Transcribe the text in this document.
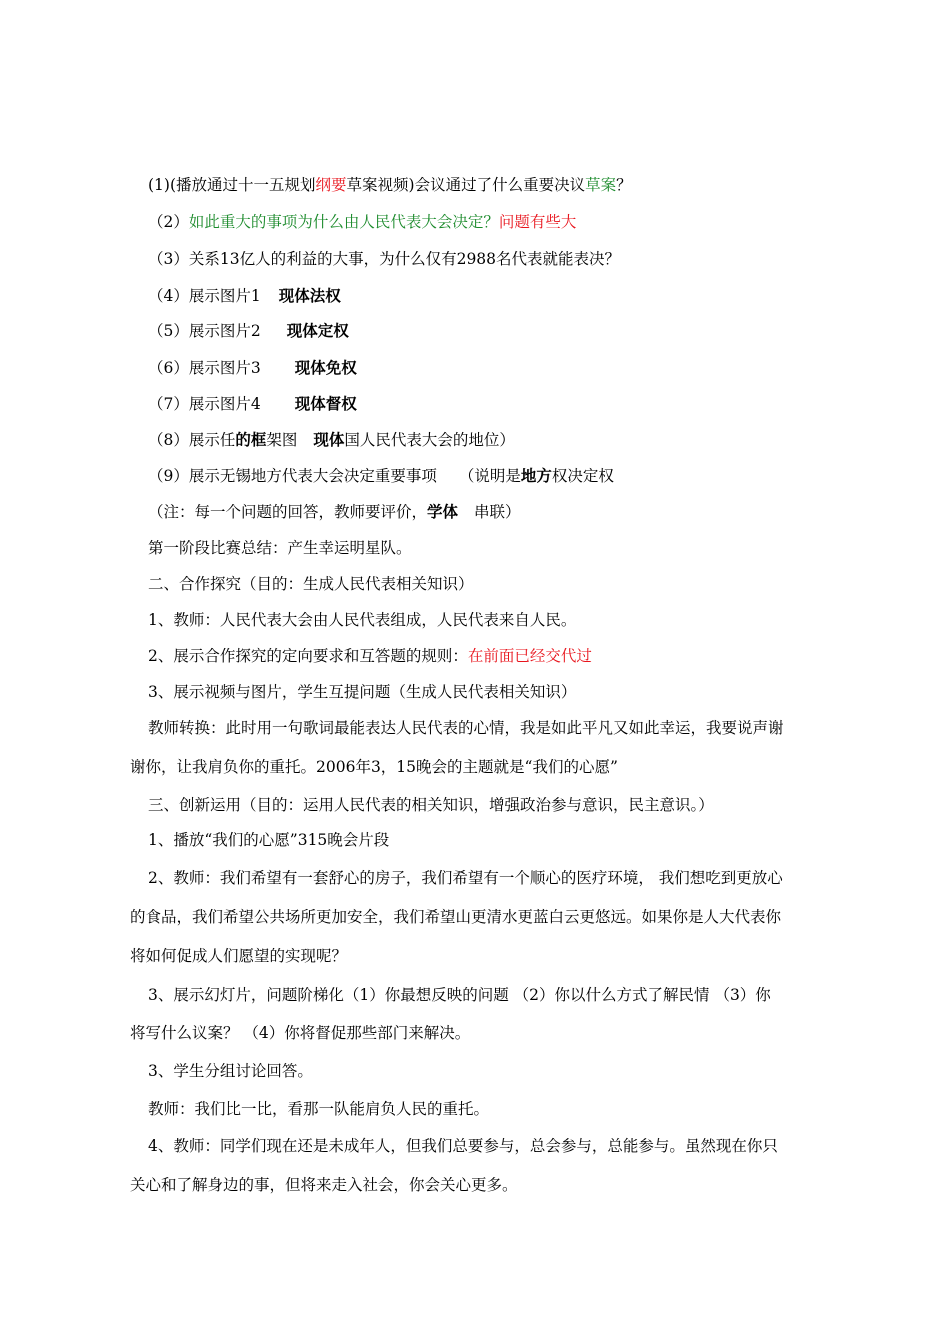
(1)(播放通过十一五规划纲要草案视频)会议通过了什么重要决议草案？
（2）如此重大的事项为什么由人民代表大会决定？问题有些大
（3）关系13亿人的利益的大事，为什么仅有2988名代表就能表决？
（4）展示图片1 现体法权
（5）展示图片2 现体定权
（6）展示图片3 现体免权
（7）展示图片4 现体督权
（8）展示任的框架图 现体国人民代表大会的地位）
（9）展示无锡地方代表大会决定重要事项 （说明是地方权决定权
（注：每一个问题的回答，教师要评价，学体 串联）
第一阶段比赛总结：产生幸运明星队。
二、合作探究（目的：生成人民代表相关知识）
1、教师：人民代表大会由人民代表组成，人民代表来自人民。
2、展示合作探究的定向要求和互答题的规则：在前面已经交代过
3、展示视频与图片，学生互提问题（生成人民代表相关知识）
教师转换：此时用一句歌词最能表达人民代表的心情，我是如此平凡又如此幸运，我要说声谢
谢你，让我肩负你的重托。2006年3，15晚会的主题就是“我们的心愿”
三、创新运用（目的：运用人民代表的相关知识，增强政治参与意识，民主意识。）
1、播放“我们的心愿”315晚会片段
2、教师：我们希望有一套舒心的房子，我们希望有一个顺心的医疗环境， 我们想吃到更放心
的食品，我们希望公共场所更加安全，我们希望山更清水更蓝白云更悠远。如果你是人大代表你
将如何促成人们愿望的实现呢？
3、展示幻灯片，问题阶梯化（1）你最想反映的问题 （2）你以什么方式了解民情 （3）你
将写什么议案？ （4）你将督促那些部门来解决。
3、学生分组讨论回答。
教师：我们比一比，看那一队能肩负人民的重托。
4、教师：同学们现在还是未成年人，但我们总要参与，总会参与，总能参与。虽然现在你只
关心和了解身边的事，但将来走入社会，你会关心更多。
